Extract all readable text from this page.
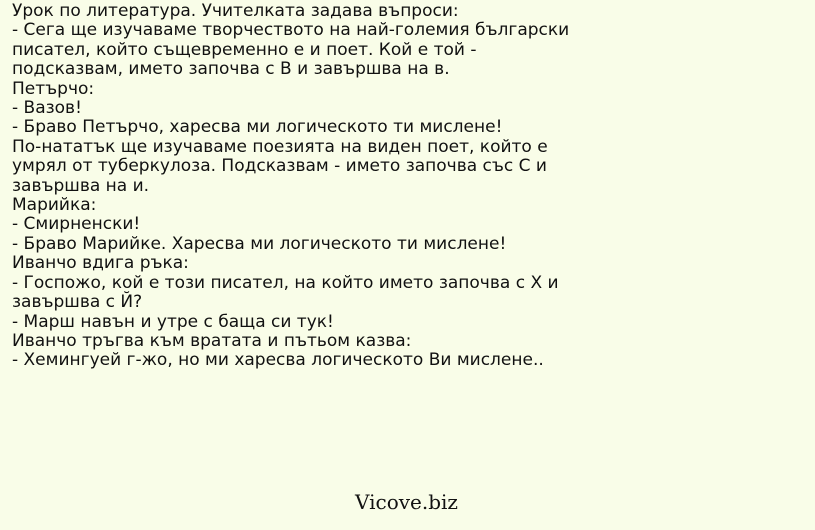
Урок по литература. Учителката задава въпроси:
- Сега ще изучаваме творчеството на най-големия български
писател, който същевременно е и поет. Кой е той -
подсказвам, името започва с В и завършва на в.
Петърчо:
- Вазов!
- Браво Петърчо, харесва ми логическото ти мислене!
По-нататък ще изучаваме поезията на виден поет, който е
умрял от туберкулоза. Подсказвам - името започва със С и
завършва на и.
Марийка:
- Смирненски!
- Браво Марийке. Харесва ми логическото ти мислене!
Иванчо вдига ръка:
- Госпожо, кой е този писател, на който името започва с Х и
завършва с Й?
- Марш навън и утре с баща си тук!
Иванчо тръгва към вратата и пътьом казва:
- Хемингуей г-жо, но ми харесва логическото Ви мислене..
Vicove.biz
